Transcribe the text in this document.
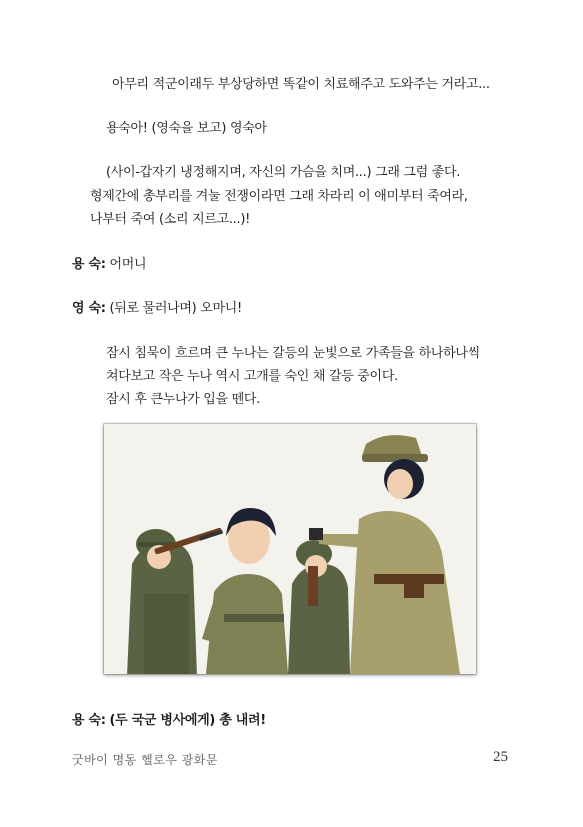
아무리 적군이래두 부상당하면 똑같이 치료해주고 도와주는 거라고...
용숙아! (영숙을 보고) 영숙아
(사이-갑자기 냉정해지며, 자신의 가슴을 치며...) 그래 그럼 좋다.
형제간에 총부리를 겨눌 전쟁이라면 그래 차라리 이 애미부터 죽여라,
나부터 죽여 (소리 지르고...)!
용 숙: 어머니
영 숙: (뒤로 물러나며) 오마니!
잠시 침묵이 흐르며 큰 누나는 갈등의 눈빛으로 가족들을 하나하나씩
쳐다보고 작은 누나 역시 고개를 숙인 채 갈등 중이다.
잠시 후 큰누나가 입을 뗀다.
용 숙: (두 국군 병사에게) 총 내려!
굿바이 명동 헬로우 광화문	25
